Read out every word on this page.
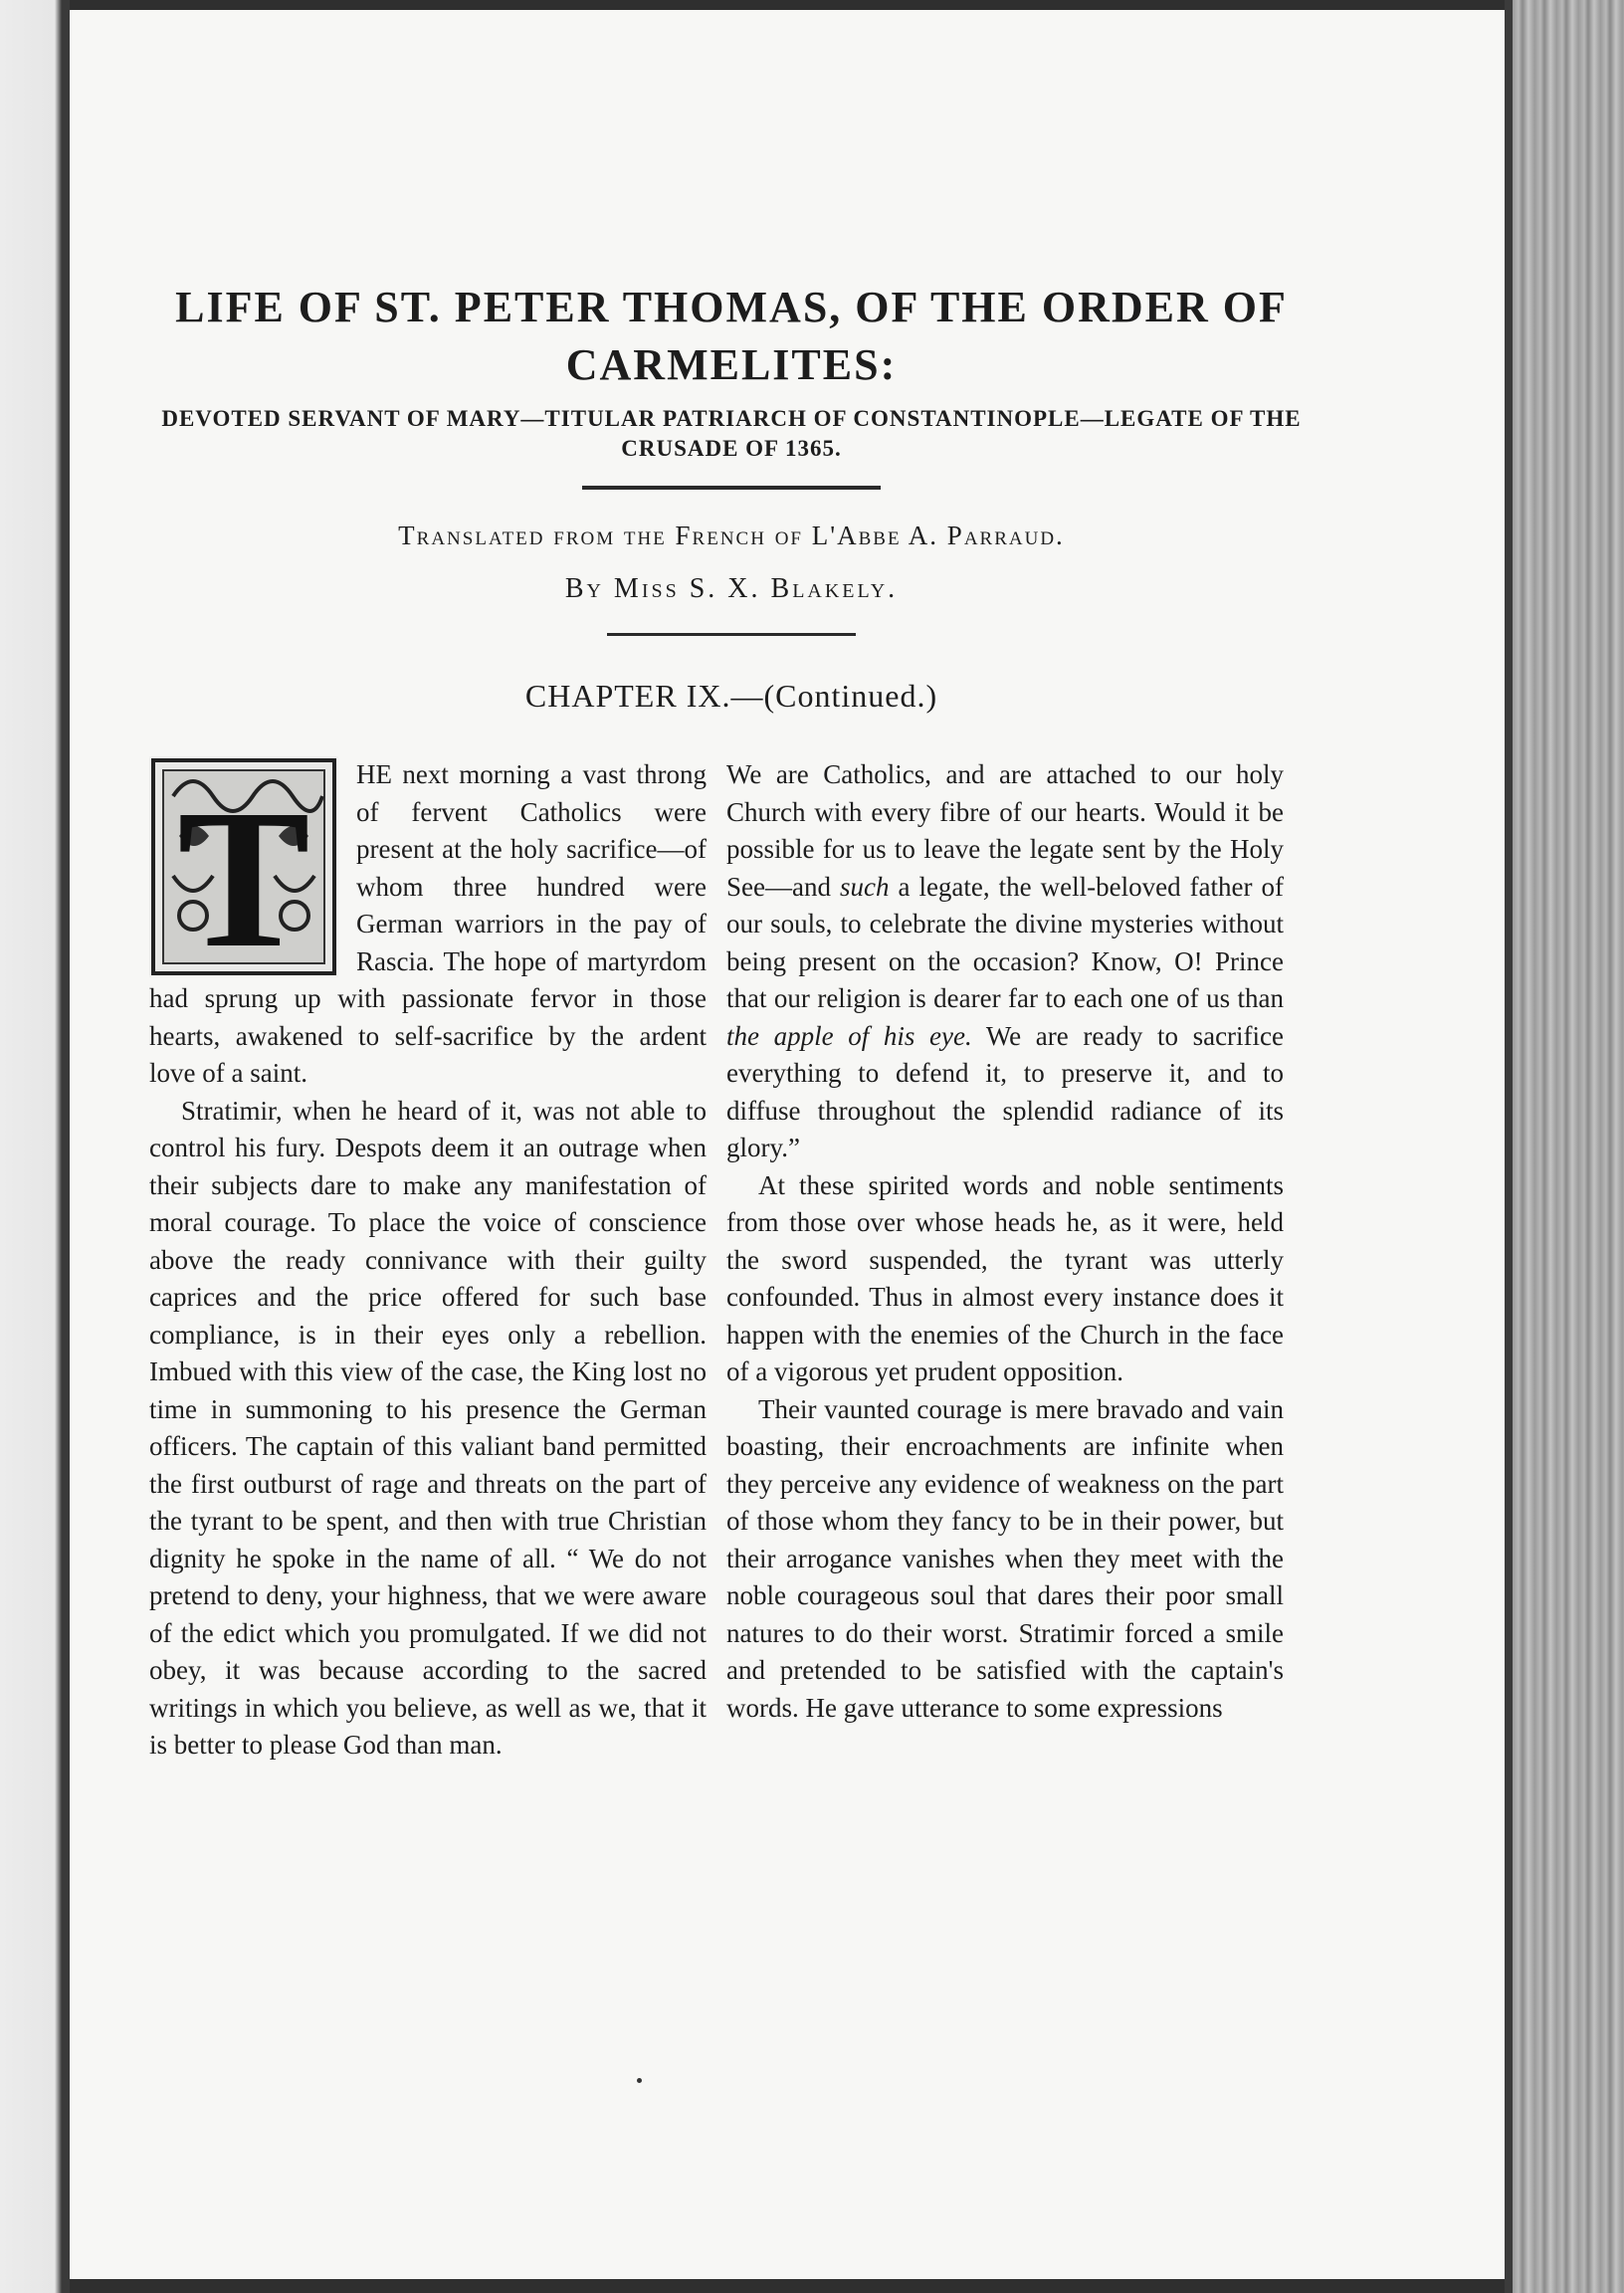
LIFE OF ST. PETER THOMAS, OF THE ORDER OF CARMELITES:

DEVOTED SERVANT OF MARY—TITULAR PATRIARCH OF CONSTANTINOPLE—LEGATE OF THE CRUSADE OF 1365.

Translated from the French of L'Abbe A. Parraud.

By Miss S. X. Blakely.

CHAPTER IX.—(Continued.)

T	HE next morning a vast throng of fervent Catholics were present at the holy sacrifice—of whom three hundred were German warriors in the pay of Rascia. The hope of martyrdom had sprung up with passionate fervor in those hearts, awakened to self-sacrifice by the ardent love of a saint.

Stratimir, when he heard of it, was not able to control his fury. Despots deem it an outrage when their subjects dare to make any manifestation of moral courage. To place the voice of conscience above the ready connivance with their guilty caprices and the price offered for such base compliance, is in their eyes only a rebellion. Imbued with this view of the case, the King lost no time in summoning to his presence the German officers. The captain of this valiant band permitted the first outburst of rage and threats on the part of the tyrant to be spent, and then with true Christian dignity he spoke in the name of all. “ We do not pretend to deny, your highness, that we were aware of the edict which you promulgated. If we did not obey, it was because according to the sacred writings in which you believe, as well as we, that it is better to please God than man.

We are Catholics, and are attached to our holy Church with every fibre of our hearts. Would it be possible for us to leave the legate sent by the Holy See—and such a legate, the well-beloved father of our souls, to celebrate the divine mysteries without being present on the occasion? Know, O! Prince that our religion is dearer far to each one of us than the apple of his eye. We are ready to sacrifice everything to defend it, to preserve it, and to diffuse throughout the splendid radiance of its glory.”

At these spirited words and noble sentiments from those over whose heads he, as it were, held the sword suspended, the tyrant was utterly confounded. Thus in almost every instance does it happen with the enemies of the Church in the face of a vigorous yet prudent opposition.

Their vaunted courage is mere bravado and vain boasting, their encroachments are infinite when they perceive any evidence of weakness on the part of those whom they fancy to be in their power, but their arrogance vanishes when they meet with the noble courageous soul that dares their poor small natures to do their worst. Stratimir forced a smile and pretended to be satisfied with the captain's words. He gave utterance to some expressions
